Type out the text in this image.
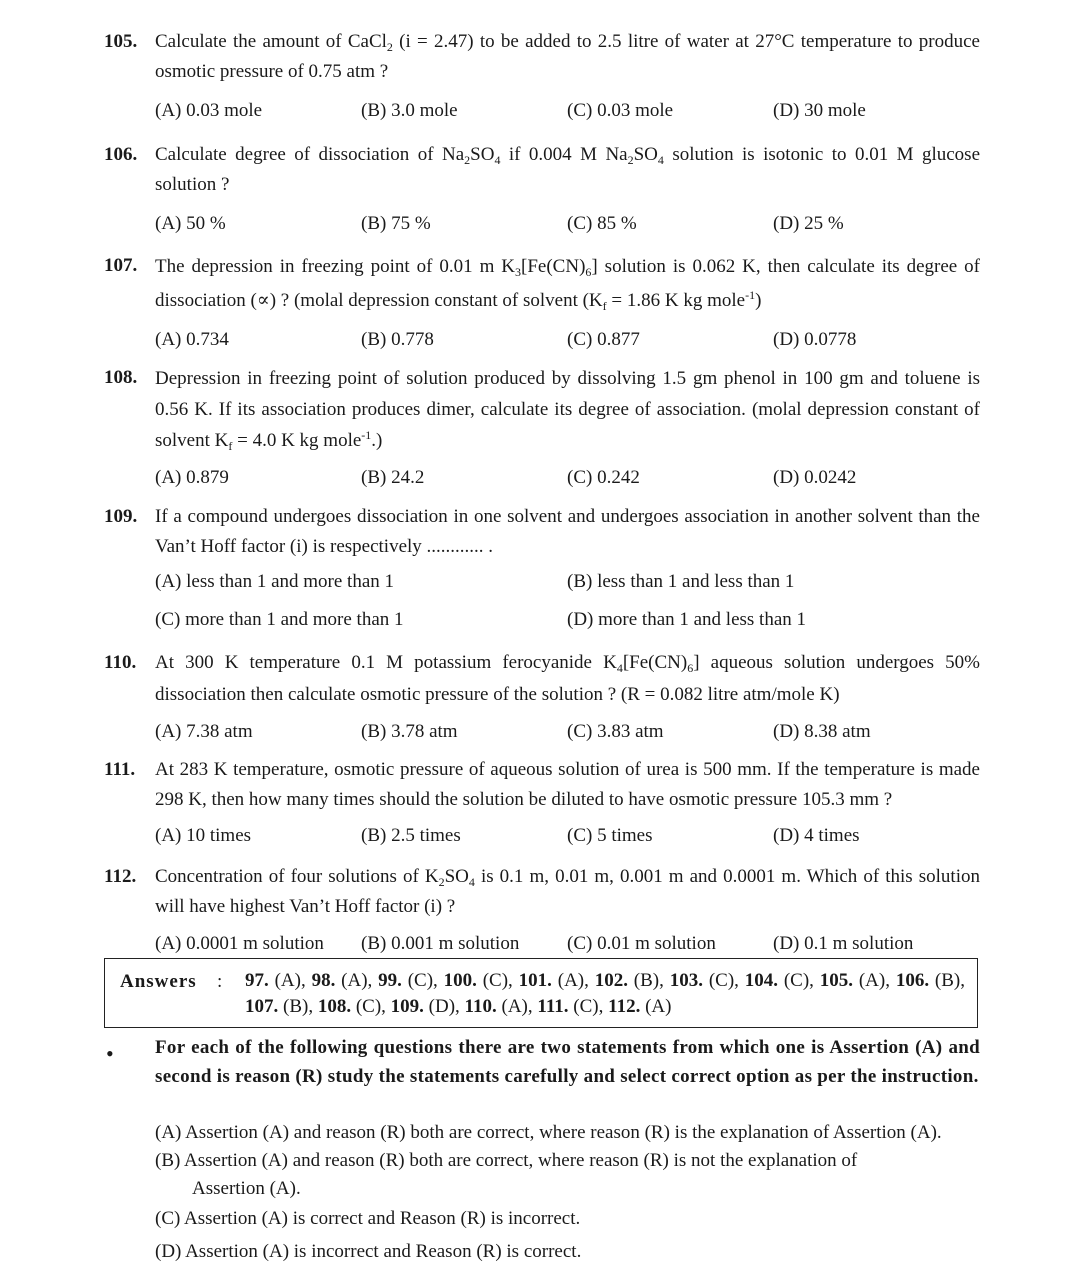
105. Calculate the amount of CaCl$_2$ (i = 2.47) to be added to 2.5 litre of water at 27°C temperature to produce osmotic pressure of 0.75 atm ?
(A) 0.03 mole	(B) 3.0 mole	(C) 0.03 mole	(D) 30 mole
106. Calculate degree of dissociation of $Na_2SO_4$ if 0.004 M $Na_2SO_4$ solution is isotonic to 0.01 M glucose solution ?
(A) 50 %	(B) 75 %	(C) 85 %	(D) 25 %
107. The depression in freezing point of 0.01 m $K_3[Fe(CN)_6]$ solution is 0.062 K, then calculate its degree of dissociation (∝) ? (molal depression constant of solvent ($K_f = 1.86$ K kg mole$^{-1}$)
(A) 0.734	(B) 0.778	(C) 0.877	(D) 0.0778
108. Depression in freezing point of solution produced by dissolving 1.5 gm phenol in 100 gm and toluene is 0.56 K. If its association produces dimer, calculate its degree of association. (molal depression constant of solvent $K_f = 4.0$ K kg mole$^{-1}$.)
(A) 0.879	(B) 24.2	(C) 0.242	(D) 0.0242
109. If a compound undergoes dissociation in one solvent and undergoes association in another solvent than the Van’t Hoff factor (i) is respectively ............ .
(A) less than 1 and more than 1	(B) less than 1 and less than 1
(C) more than 1 and more than 1	(D) more than 1 and less than 1
110. At 300 K temperature 0.1 M potassium ferocyanide $K_4[Fe(CN)_6]$ aqueous solution undergoes 50% dissociation then calculate osmotic pressure of the solution ? (R = 0.082 litre atm/mole K)
(A) 7.38 atm	(B) 3.78 atm	(C) 3.83 atm	(D) 8.38 atm
111. At 283 K temperature, osmotic pressure of aqueous solution of urea is 500 mm. If the temperature is made 298 K, then how many times should the solution be diluted to have osmotic pressure 105.3 mm ?
(A) 10 times	(B) 2.5 times	(C) 5 times	(D) 4 times
112. Concentration of four solutions of $K_2SO_4$ is 0.1 m, 0.01 m, 0.001 m and 0.0001 m. Which of this solution will have highest Van’t Hoff factor (i) ?
(A) 0.0001 m solution (B) 0.001 m solution	(C) 0.01 m solution	(D) 0.1 m solution
Answers : 97. (A), 98. (A), 99. (C), 100. (C), 101. (A), 102. (B), 103. (C), 104. (C), 105. (A), 106. (B), 107. (B), 108. (C), 109. (D), 110. (A), 111. (C), 112. (A)
• For each of the following questions there are two statements from which one is Assertion (A) and second is reason (R) study the statements carefully and select correct option as per the instruction.
(A) Assertion (A) and reason (R) both are correct, where reason (R) is the explanation of Assertion (A).
(B) Assertion (A) and reason (R) both are correct, where reason (R) is not the explanation of
Assertion (A).
(C) Assertion (A) is correct and Reason (R) is incorrect.
(D) Assertion (A) is incorrect and Reason (R) is correct.
